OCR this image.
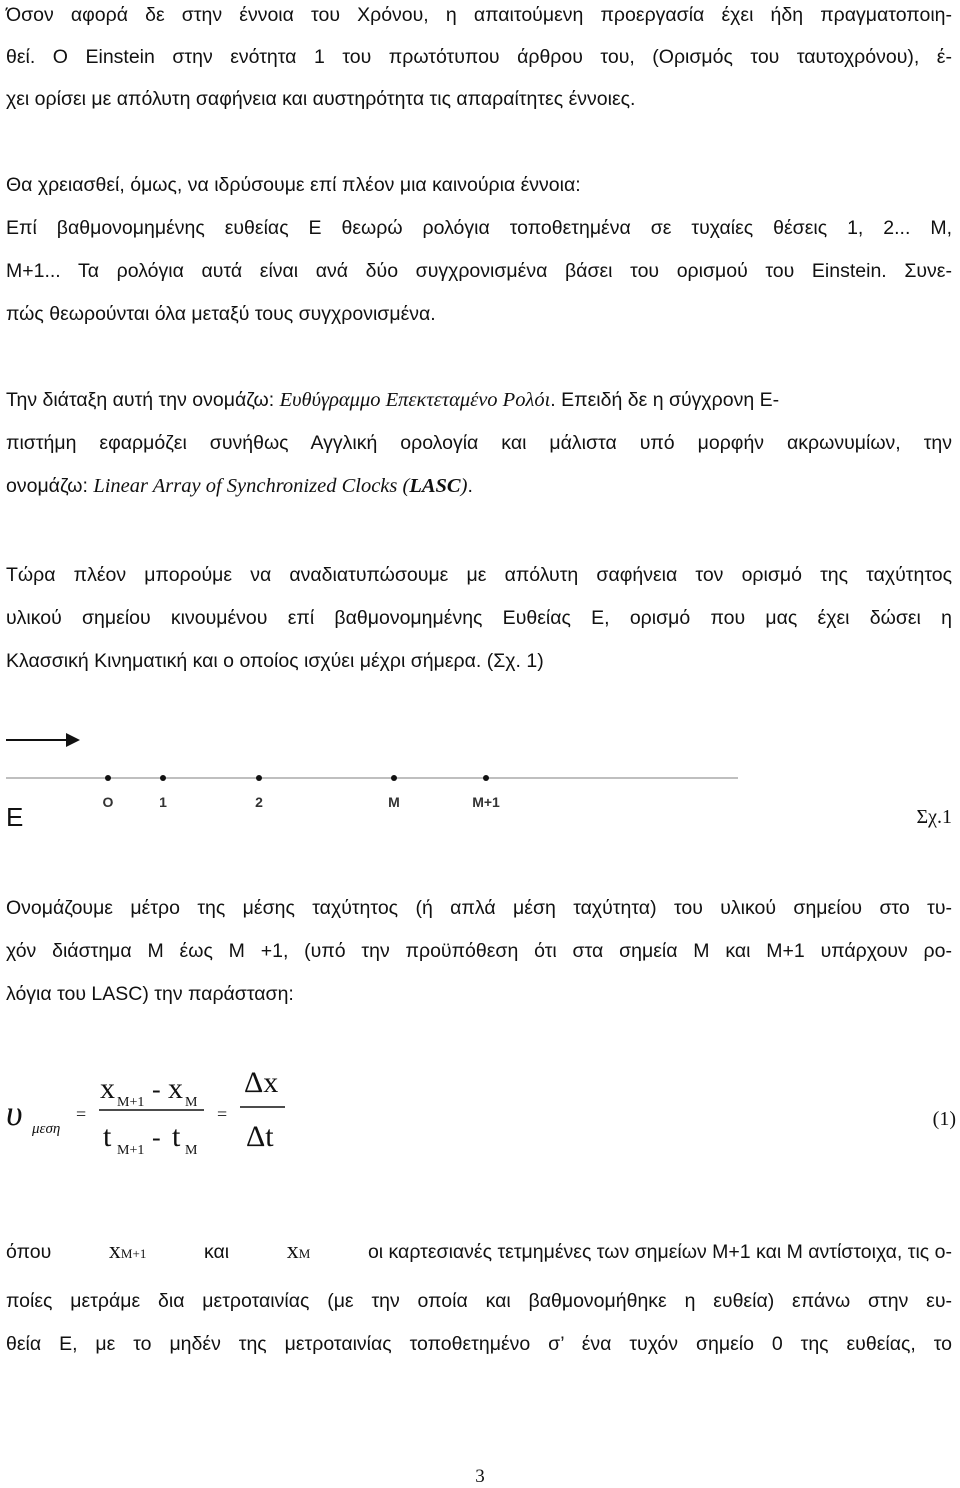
Όσον αφορά δε στην έννοια του Χρόνου, η απαιτούμενη προεργασία έχει ήδη πραγματοποιη-
θεί. Ο Einstein στην ενότητα 1 του πρωτότυπου άρθρου του, (Ορισμός του ταυτοχρόνου), έ-
χει ορίσει με απόλυτη σαφήνεια και αυστηρότητα τις απαραίτητες έννοιες.
Θα χρειασθεί, όμως, να ιδρύσουμε επί πλέον μια καινούρια έννοια:
Επί βαθμονομημένης ευθείας Ε θεωρώ ρολόγια τοποθετημένα σε τυχαίες θέσεις 1, 2... Μ,
Μ+1... Τα ρολόγια αυτά είναι ανά δύο συγχρονισμένα βάσει του ορισμού του Einstein. Συνε-
πώς θεωρούνται όλα μεταξύ τους συγχρονισμένα.
Την διάταξη αυτή την ονομάζω: Ευθύγραμμο Επεκτεταμένο Ρολόι. Επειδή δε η σύγχρονη Ε-
πιστήμη εφαρμόζει συνήθως Αγγλική ορολογία και μάλιστα υπό μορφήν ακρωνυμίων, την
ονομάζω: Linear Array of Synchronized Clocks (LASC).
Τώρα πλέον μπορούμε να αναδιατυπώσουμε με απόλυτη σαφήνεια τον ορισμό της ταχύτητος
υλικού σημείου κινουμένου επί βαθμονομημένης Ευθείας Ε, ορισμό που μας έχει δώσει η
Κλασσική Κινηματική και ο οποίος ισχύει μέχρι σήμερα. (Σχ. 1)
O	1	2	M	M+1
Ε	Σχ.1
Ονομάζουμε μέτρο της μέσης ταχύτητος (ή απλά μέση ταχύτητα) του υλικού σημείου στο τυ-
χόν διάστημα Μ έως Μ +1, (υπό την προϋπόθεση ότι στα σημεία Μ και Μ+1 υπάρχουν ρο-
λόγια του LASC) την παράσταση:
υ μεση
=
x M+1 - x M
t M+1 - t M
=
Δx
Δt
(1)
όπου xM+1	και xM	οι καρτεσιανές τετμημένες των σημείων Μ+1 και Μ αντίστοιχα, τις ο-
ποίες μετράμε δια μετροταινίας (με την οποία και βαθμονομήθηκε η ευθεία) επάνω στην ευ-
θεία Ε, με το μηδέν της μετροταινίας τοποθετημένο σ’ ένα τυχόν σημείο 0 της ευθείας, το
3
